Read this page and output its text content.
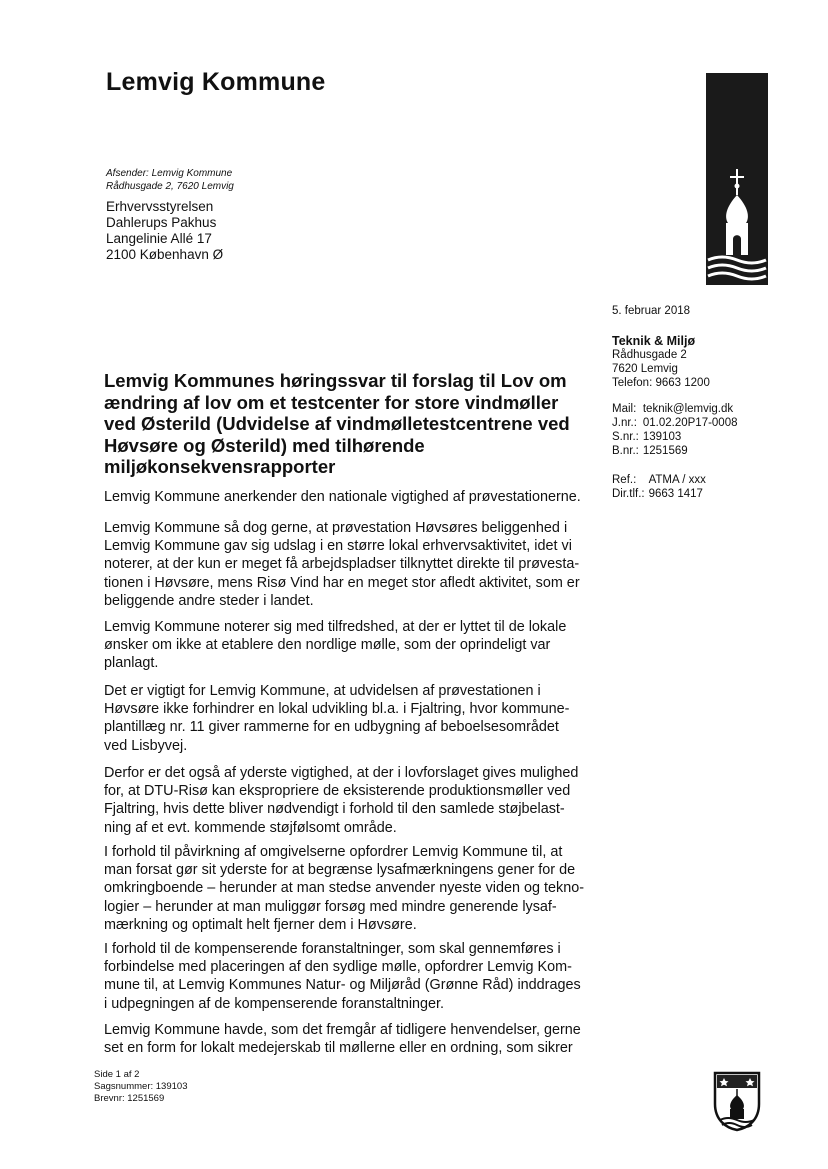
Lemvig Kommune
Afsender: Lemvig Kommune
Rådhusgade 2, 7620 Lemvig
Erhvervsstyrelsen
Dahlerups Pakhus
Langelinie Allé 17
2100 København Ø
5. februar 2018
Teknik & Miljø
Rådhusgade 2
7620 Lemvig
Telefon: 9663 1200
Mail:	teknik@lemvig.dk
J.nr.:	01.02.20P17-0008
S.nr.:	139103
B.nr.:	1251569
Ref.:	ATMA / xxx
Dir.tlf.:	9663 1417
Lemvig Kommunes høringssvar til forslag til Lov om
ændring af lov om et testcenter for store vindmøller
ved Østerild (Udvidelse af vindmølletestcentrene ved
Høvsøre og Østerild) med tilhørende
miljøkonsekvensrapporter
Lemvig Kommune anerkender den nationale vigtighed af prøvestationerne.
Lemvig Kommune så dog gerne, at prøvestation Høvsøres beliggenhed i
Lemvig Kommune gav sig udslag i en større lokal erhvervsaktivitet, idet vi
noterer, at der kun er meget få arbejdspladser tilknyttet direkte til prøvesta-
tionen i Høvsøre, mens Risø Vind har en meget stor afledt aktivitet, som er
beliggende andre steder i landet.
Lemvig Kommune noterer sig med tilfredshed, at der er lyttet til de lokale
ønsker om ikke at etablere den nordlige mølle, som der oprindeligt var
planlagt.
Det er vigtigt for Lemvig Kommune, at udvidelsen af prøvestationen i
Høvsøre ikke forhindrer en lokal udvikling bl.a. i Fjaltring, hvor kommune-
plantillæg nr. 11 giver rammerne for en udbygning af beboelsesområdet
ved Lisbyvej.
Derfor er det også af yderste vigtighed, at der i lovforslaget gives mulighed
for, at DTU-Risø kan ekspropriere de eksisterende produktionsmøller ved
Fjaltring, hvis dette bliver nødvendigt i forhold til den samlede støjbelast-
ning af et evt. kommende støjfølsomt område.
I forhold til påvirkning af omgivelserne opfordrer Lemvig Kommune til, at
man forsat gør sit yderste for at begrænse lysafmærkningens gener for de
omkringboende – herunder at man stedse anvender nyeste viden og tekno-
logier – herunder at man muliggør forsøg med mindre generende lysaf-
mærkning og optimalt helt fjerner dem i Høvsøre.
I forhold til de kompenserende foranstaltninger, som skal gennemføres i
forbindelse med placeringen af den sydlige mølle, opfordrer Lemvig Kom-
mune til, at Lemvig Kommunes Natur- og Miljøråd (Grønne Råd) inddrages
i udpegningen af de kompenserende foranstaltninger.
Lemvig Kommune havde, som det fremgår af tidligere henvendelser, gerne
set en form for lokalt medejerskab til møllerne eller en ordning, som sikrer
Side 1 af 2
Sagsnummer: 139103
Brevnr: 1251569
